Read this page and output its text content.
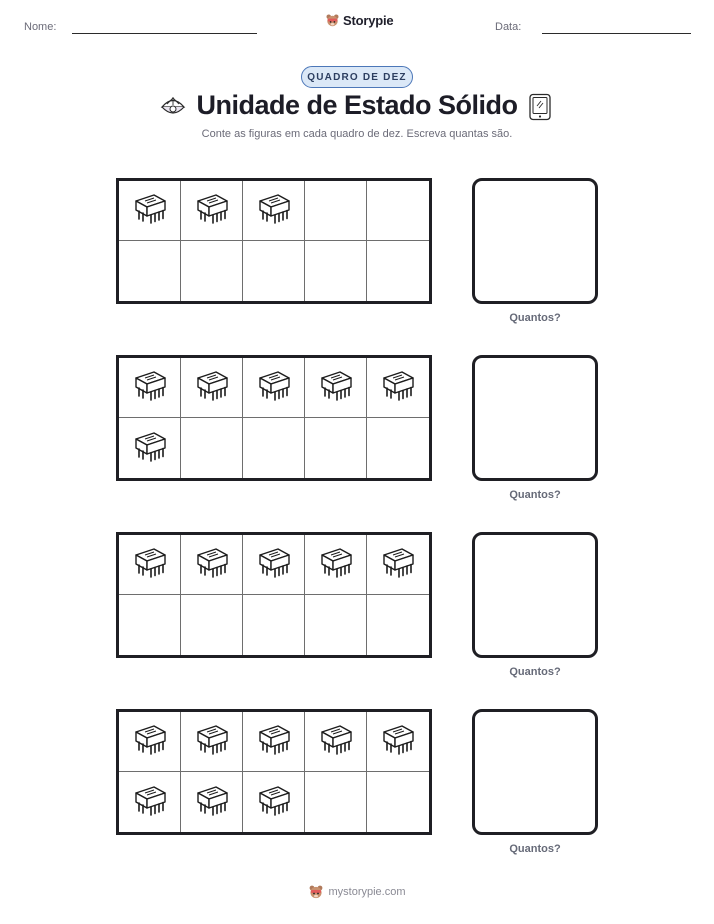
Nome:	Storypie	Data:
QUADRO DE DEZ
Unidade de Estado Sólido
Conte as figuras em cada quadro de dez. Escreva quantas são.
Quantos?
Quantos?
Quantos?
Quantos?
mystorypie.com
